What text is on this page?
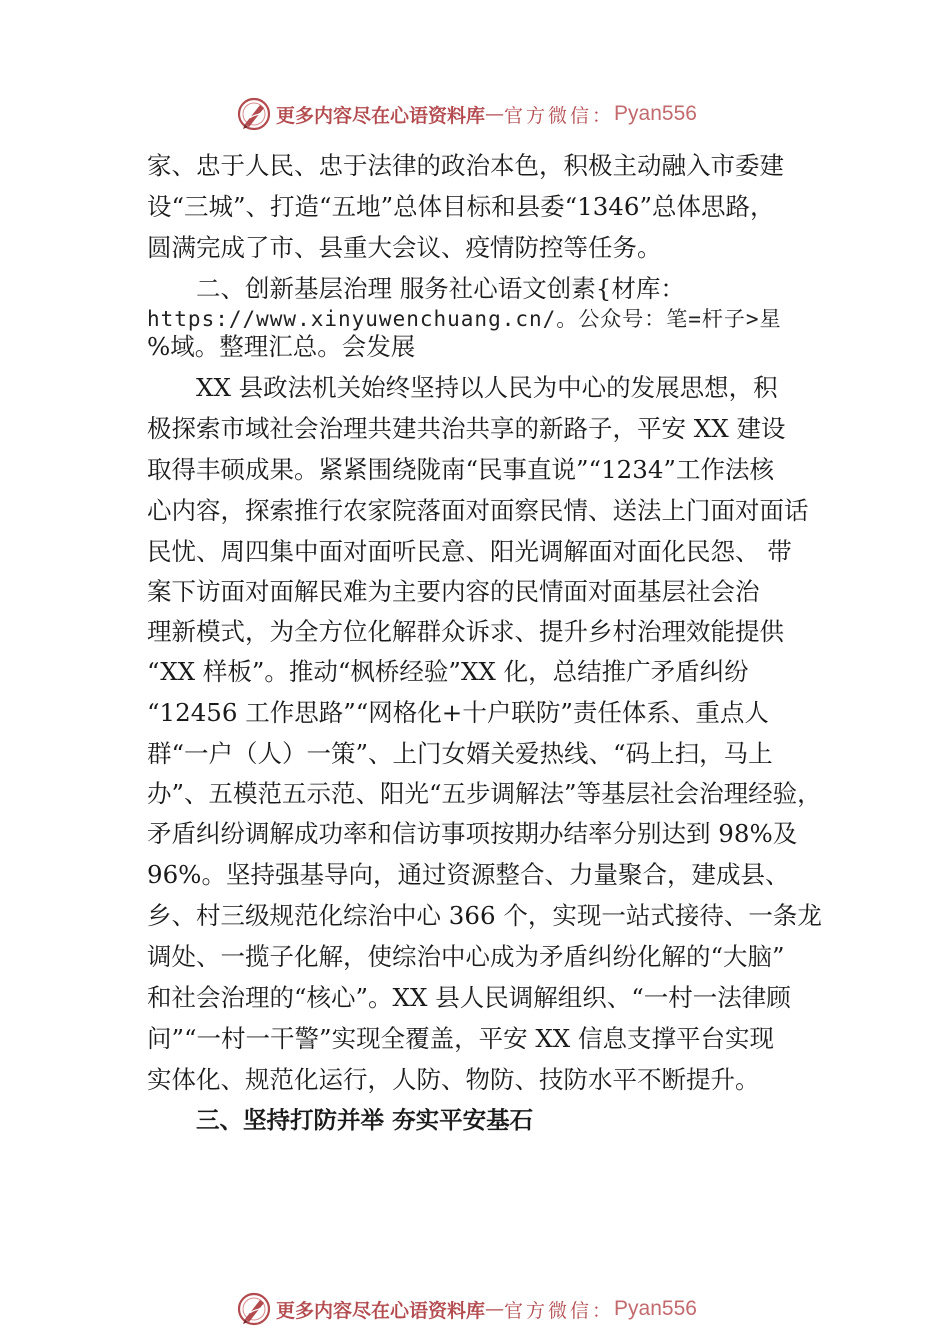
更多内容尽在心语资料库 — 官方微信： Pyan556
家、忠于人民、忠于法律的政治本色，积极主动融入市委建
设“三城”、打造“五地”总体目标和县委“1346”总体思路，
圆满完成了市、县重大会议、疫情防控等任务。
二、创新基层治理 服务社心语文创素{材库：
https://www.xinyuwenchuang.cn/。公众号：笔=杆子>星
%域。整理汇总。会发展
XX 县政法机关始终坚持以人民为中心的发展思想，积
极探索市域社会治理共建共治共享的新路子，平安 XX 建设
取得丰硕成果。紧紧围绕陇南“民事直说”“1234”工作法核
心内容，探索推行农家院落面对面察民情、送法上门面对面话
民忧、周四集中面对面听民意、阳光调解面对面化民怨、 带
案下访面对面解民难为主要内容的民情面对面基层社会治
理新模式，为全方位化解群众诉求、提升乡村治理效能提供
“XX 样板”。推动“枫桥经验”XX 化，总结推广矛盾纠纷
“12456 工作思路”“网格化+十户联防”责任体系、重点人
群“一户（人）一策”、上门女婿关爱热线、“码上扫，马上
办”、五模范五示范、阳光“五步调解法”等基层社会治理经验，
矛盾纠纷调解成功率和信访事项按期办结率分别达到 98%及
96%。坚持强基导向，通过资源整合、力量聚合，建成县、
乡、村三级规范化综治中心 366 个，实现一站式接待、一条龙
调处、一揽子化解，使综治中心成为矛盾纠纷化解的“大脑”
和社会治理的“核心”。XX 县人民调解组织、“一村一法律顾
问”“一村一干警”实现全覆盖，平安 XX 信息支撑平台实现
实体化、规范化运行，人防、物防、技防水平不断提升。
三、坚持打防并举 夯实平安基石
更多内容尽在心语资料库 — 官方微信： Pyan556
